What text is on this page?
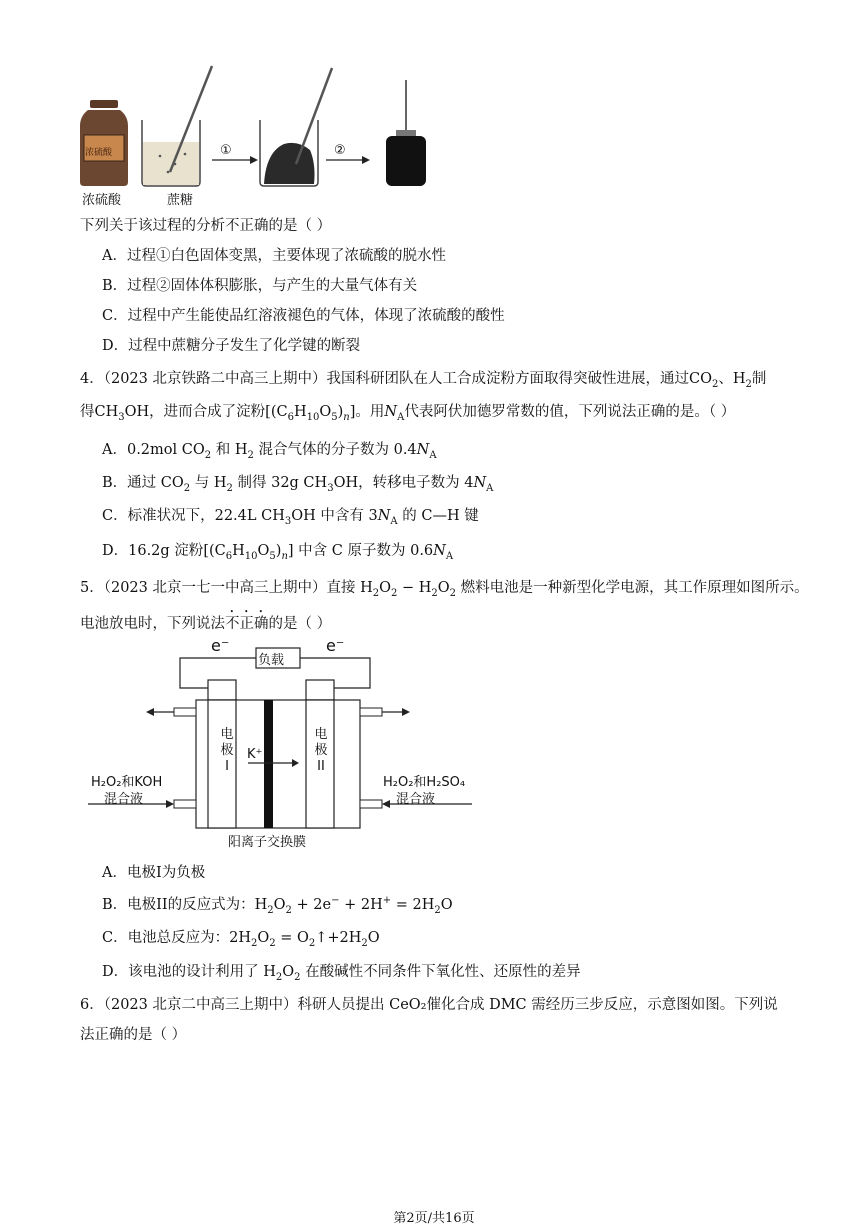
浓硫酸	①	②
浓硫酸	蔗糖
下列关于该过程的分析不正确的是（ ）
A．过程①白色固体变黑，主要体现了浓硫酸的脱水性
B．过程②固体体积膨胀，与产生的大量气体有关
C．过程中产生能使品红溶液褪色的气体，体现了浓硫酸的酸性
D．过程中蔗糖分子发生了化学键的断裂
4．（2023 北京铁路二中高三上期中）我国科研团队在人工合成淀粉方面取得突破性进展，通过$CO_2$、$H_2$制
得$CH_3OH$，进而合成了淀粉$[(C_6H_{10}O_5)_n]$。用$N_A$代表阿伏加德罗常数的值，下列说法正确的是。（ ）
A．0.2mol $CO_2$ 和 $H_2$ 混合气体的分子数为 $0.4N_A$
B．通过 $CO_2$ 与 $H_2$ 制得 32g $CH_3OH$，转移电子数为 $4N_A$
C．标准状况下，22.4L $CH_3OH$ 中含有 $3N_A$ 的 C—H 键
D．16.2g 淀粉$[(C_6H_{10}O_5)_n]$ 中含 C 原子数为 $0.6N_A$
5．（2023 北京一七一中高三上期中）直接 $H_2O_2 - H_2O_2$ 燃料电池是一种新型化学电源，其工作原理如图所示。
电池放电时，下列说法不正确的是（ ）
e⁻
负载
e⁻
电极I
K⁺
电极II
H₂O₂和KOH
混合液
H₂O₂和H₂SO₄
混合液
阳离子交换膜
A．电极I为负极
B．电极II的反应式为：$H_2O_2 + 2e^- + 2H^+ = 2H_2O$
C．电池总反应为：$2H_2O_2$ = $O_2↑+2H_2O$
D．该电池的设计利用了 $H_2O_2$ 在酸碱性不同条件下氧化性、还原性的差异
6．（2023 北京二中高三上期中）科研人员提出 CeO₂催化合成 DMC 需经历三步反应，示意图如图。下列说
法正确的是（ ）
第2页/共16页
